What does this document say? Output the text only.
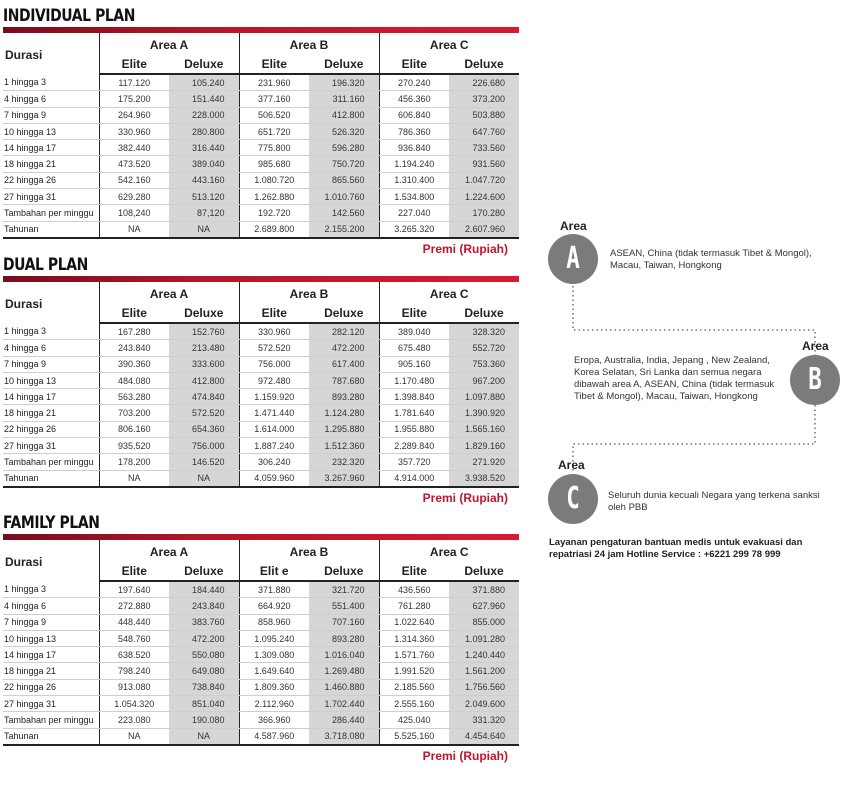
INDIVIDUAL PLAN
Durasi	Area A		Area B		Area C	
	Elite	Deluxe	Elite	Deluxe	Elite	Deluxe
1 hingga 3	117.120	105.240	231.960	196.320	270.240	226.680
4 hingga 6	175.200	151.440	377.160	311.160	456.360	373.200
7 hingga 9	264.960	228.000	506.520	412.800	606.840	503.880
10 hingga 13	330.960	280.800	651.720	526.320	786.360	647.760
14 hingga 17	382.440	316.440	775.800	596.280	936.840	733.560
18 hingga 21	473.520	389.040	985.680	750.720	1.194.240	931.560
22 hingga 26	542.160	443.160	1.080.720	865.560	1.310.400	1.047.720
27 hingga 31	629.280	513.120	1.262.880	1.010.760	1.534.800	1.224.600
Tambahan per minggu	108,240	87,120	192.720	142.560	227.040	170.280
Tahunan	NA	NA	2.689.800	2.155.200	3.265.320	2.607.960
Premi (Rupiah)
DUAL PLAN
Durasi	Area A		Area B		Area C	
	Elite	Deluxe	Elite	Deluxe	Elite	Deluxe
1 hingga 3	167.280	152.760	330.960	282.120	389.040	328.320
4 hingga 6	243.840	213.480	572.520	472.200	675.480	552.720
7 hingga 9	390.360	333.600	756.000	617.400	905.160	753.360
10 hingga 13	484.080	412.800	972.480	787.680	1.170.480	967.200
14 hingga 17	563.280	474.840	1.159.920	893.280	1.398.840	1.097.880
18 hingga 21	703.200	572.520	1.471.440	1.124.280	1.781.640	1.390.920
22 hingga 26	806.160	654.360	1.614.000	1.295.880	1.955.880	1.565.160
27 hingga 31	935.520	756.000	1.887.240	1.512.360	2.289.840	1.829.160
Tambahan per minggu	178.200	146.520	306.240	232.320	357.720	271.920
Tahunan	NA	NA	4.059.960	3.267.960	4.914.000	3.938.520
Premi (Rupiah)
FAMILY PLAN
Durasi	Area A		Area B		Area C	
	Elite	Deluxe	Elit e	Deluxe	Elite	Deluxe
1 hingga 3	197.640	184.440	371.880	321.720	436.560	371.880
4 hingga 6	272.880	243.840	664.920	551.400	761.280	627.960
7 hingga 9	448.440	383.760	858.960	707.160	1.022.640	855.000
10 hingga 13	548.760	472.200	1.095.240	893.280	1.314.360	1.091.280
14 hingga 17	638.520	550.080	1.309.080	1.016.040	1.571.760	1.240.440
18 hingga 21	798.240	649.080	1.649.640	1.269.480	1.991.520	1.561.200
22 hingga 26	913.080	738.840	1.809.360	1.460.880	2.185.560	1.756.560
27 hingga 31	1.054.320	851.040	2.112.960	1.702.440	2.555.160	2.049.600
Tambahan per minggu	223.080	190.080	366.960	286.440	425.040	331.320
Tahunan	NA	NA	4.587.960	3.718.080	5.525.160	4.454.640
Premi (Rupiah)
Area
A	ASEAN, China (tidak termasuk Tibet & Mongol), Macau, Taiwan, Hongkong
Area
B
Eropa, Australia, India, Jepang , New Zealand, Korea Selatan, Sri Lanka dan semua negara dibawah area A, ASEAN, China (tidak termasuk Tibet & Mongol), Macau, Taiwan, Hongkong
Area
C	Seluruh dunia kecuali Negara yang terkena sanksi oleh PBB
Layanan pengaturan bantuan medis untuk evakuasi dan repatriasi 24 jam Hotline Service : +6221 299 78 999
